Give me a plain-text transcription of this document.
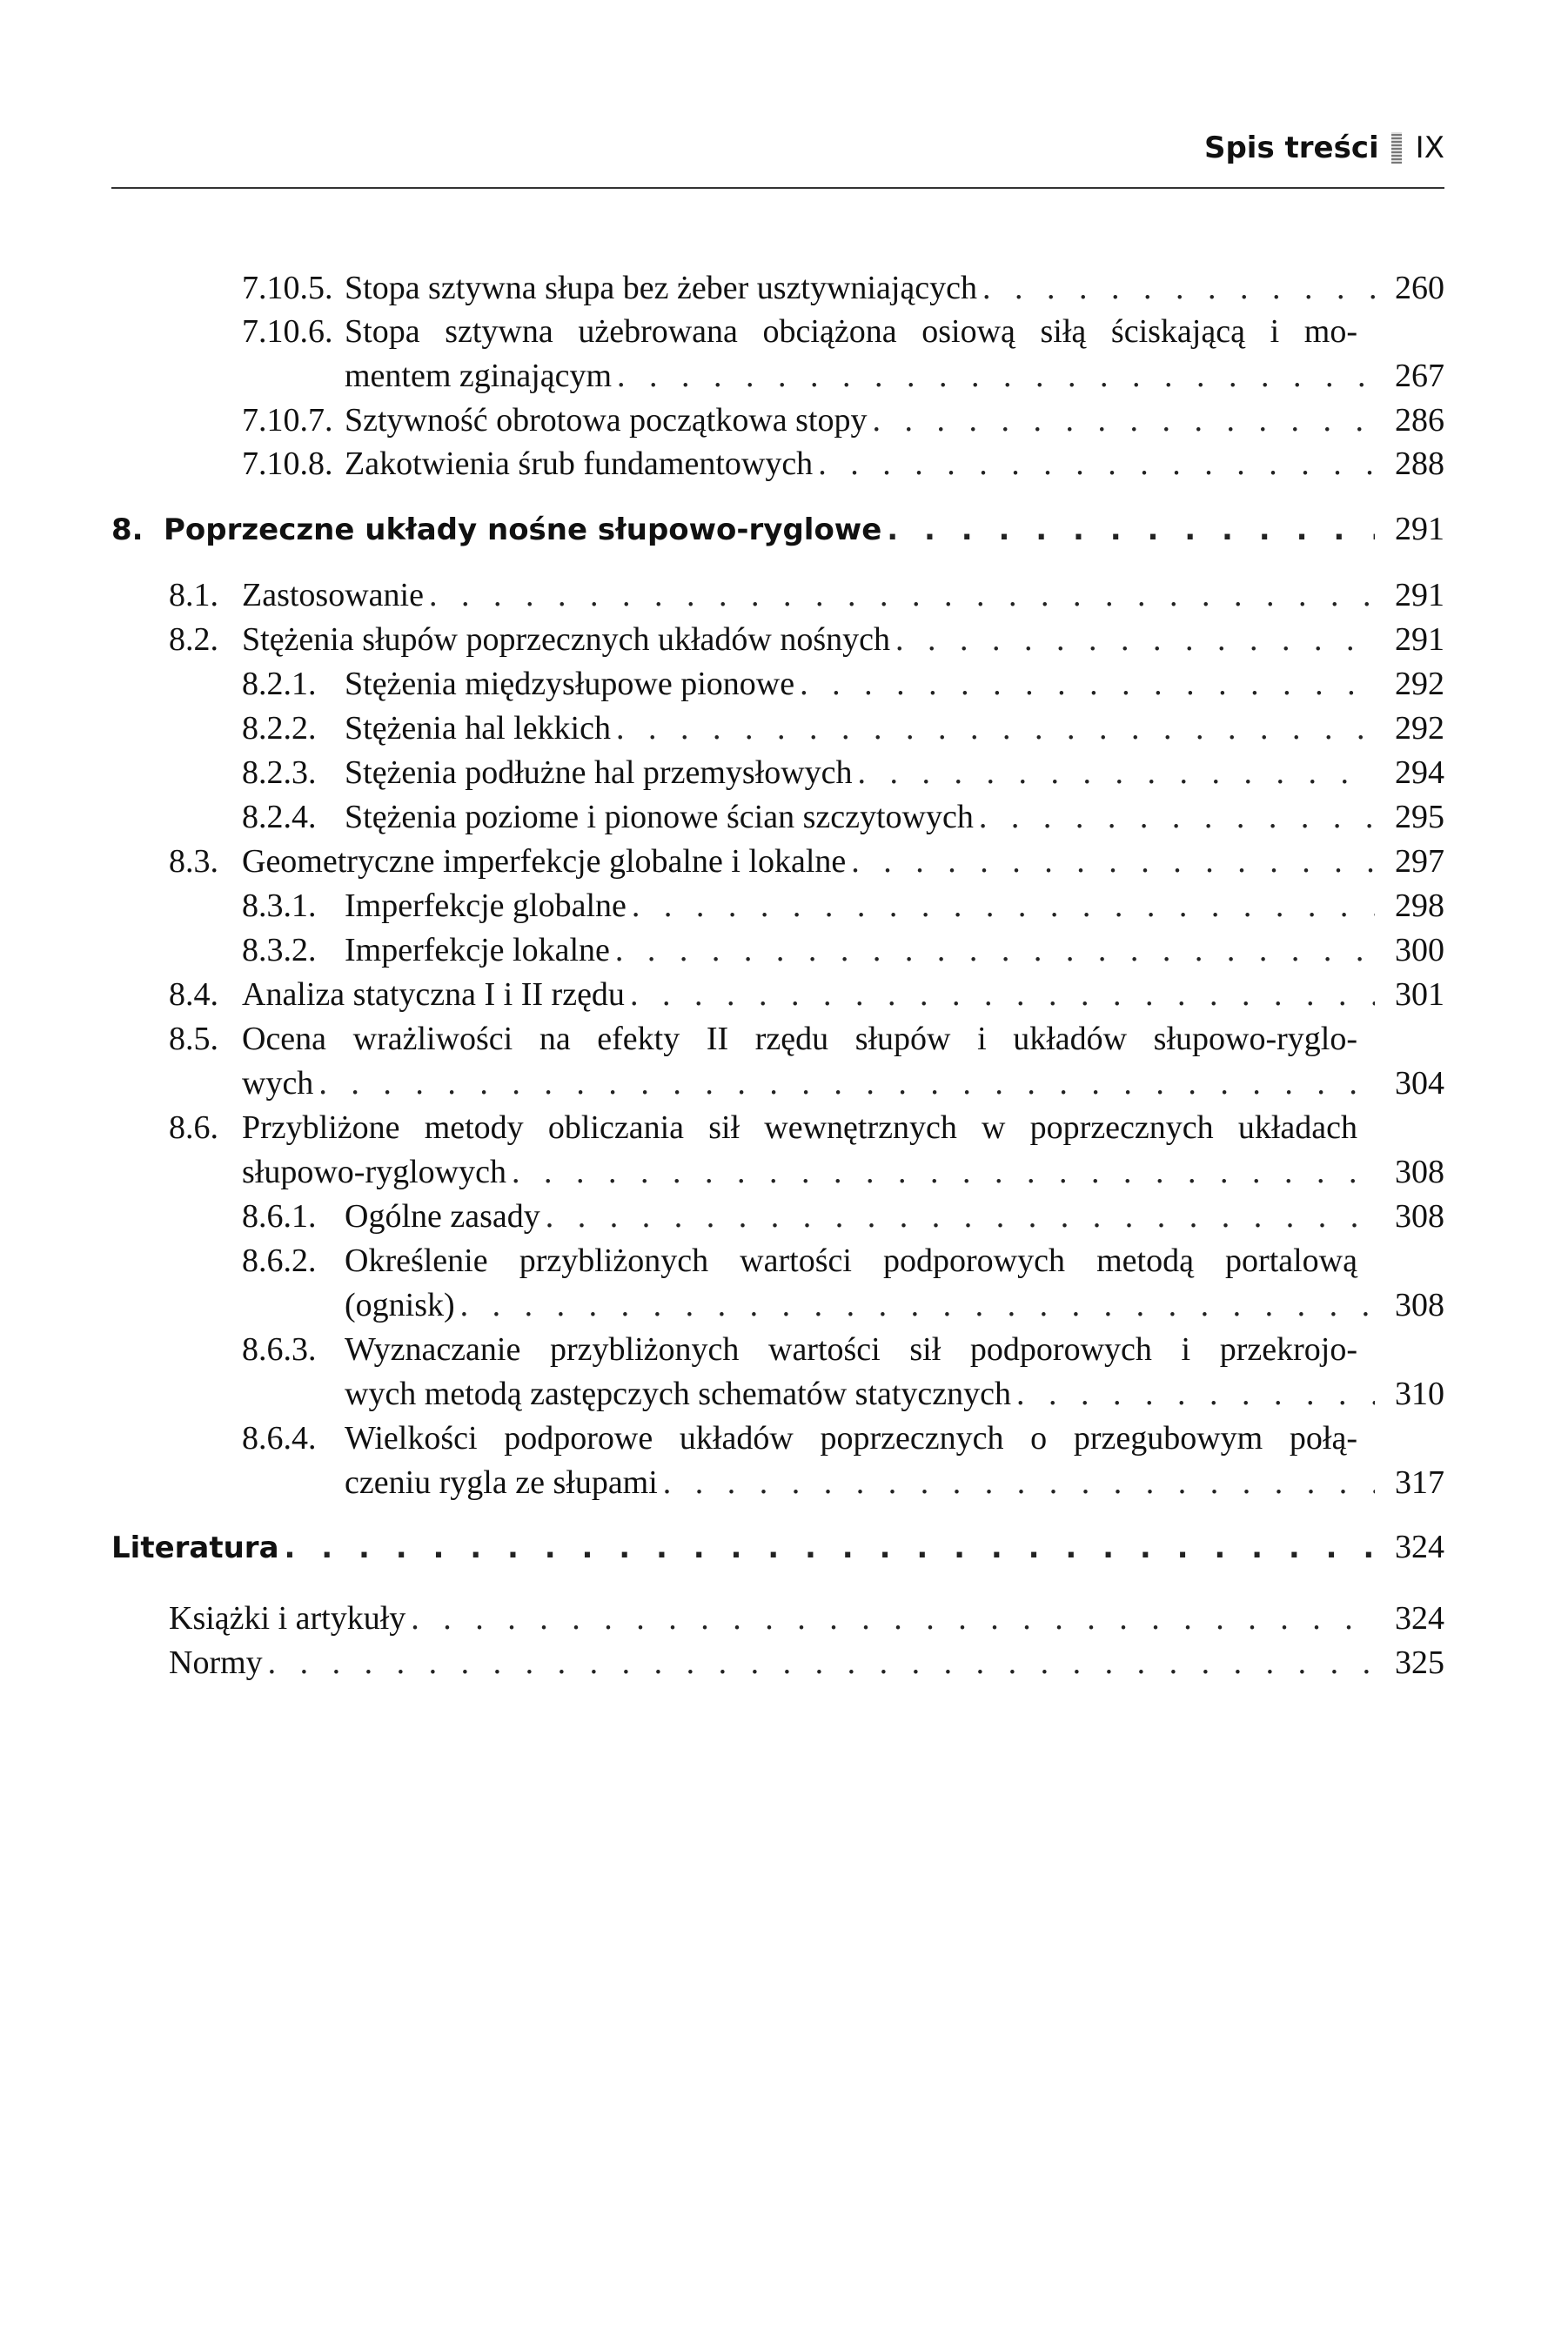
Spis treści IX
7.10.5. Stopa sztywna słupa bez żeber usztywniających . . .	260
7.10.6. Stopa sztywna użebrowana obciążona osiową siłą ściskającą i mo-
mentem zginającym . . .	267
7.10.7. Sztywność obrotowa początkowa stopy . . .	286
7.10.8. Zakotwienia śrub fundamentowych . . .	288
8. Poprzeczne układy nośne słupowo-ryglowe . . .	291
8.1. Zastosowanie . . .	291
8.2. Stężenia słupów poprzecznych układów nośnych . . .	291
8.2.1. Stężenia międzysłupowe pionowe . . .	292
8.2.2. Stężenia hal lekkich . . .	292
8.2.3. Stężenia podłużne hal przemysłowych . . .	294
8.2.4. Stężenia poziome i pionowe ścian szczytowych . . .	295
8.3. Geometryczne imperfekcje globalne i lokalne . . .	297
8.3.1. Imperfekcje globalne . . .	298
8.3.2. Imperfekcje lokalne . . .	300
8.4. Analiza statyczna I i II rzędu . . .	301
8.5. Ocena wrażliwości na efekty II rzędu słupów i układów słupowo-ryglo-
wych . . .	304
8.6. Przybliżone metody obliczania sił wewnętrznych w poprzecznych układach
słupowo-ryglowych . . .	308
8.6.1. Ogólne zasady . . .	308
8.6.2. Określenie przybliżonych wartości podporowych metodą portalową
(ognisk) . . .	308
8.6.3. Wyznaczanie przybliżonych wartości sił podporowych i przekrojo-
wych metodą zastępczych schematów statycznych . . .	310
8.6.4. Wielkości podporowe układów poprzecznych o przegubowym połą-
czeniu rygla ze słupami . . .	317
Literatura . . .	324
Książki i artykuły . . .	324
Normy . . .	325
